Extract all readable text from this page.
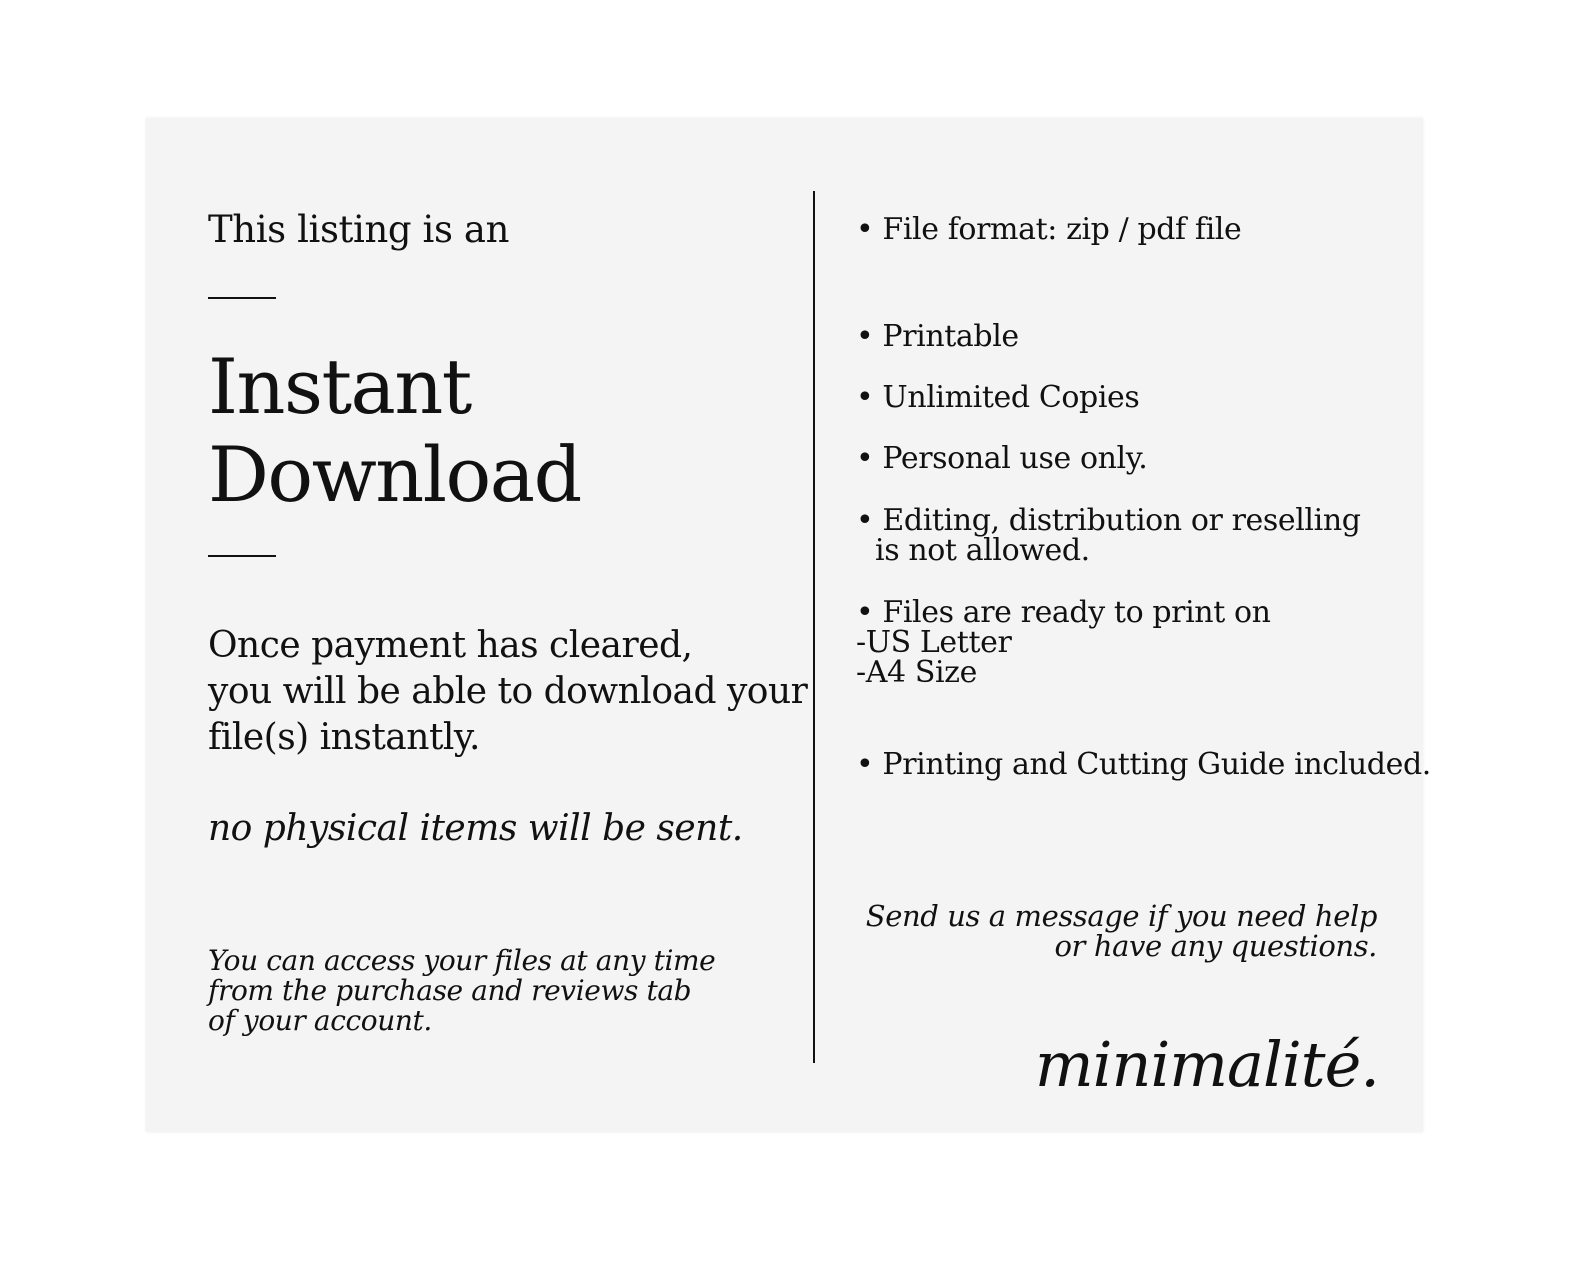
This listing is an

Instant
Download

Once payment has cleared,
you will be able to download your
file(s) instantly.

no physical items will be sent.

You can access your files at any time
from the purchase and reviews tab
of your account.

• File format: zip / pdf file

• Printable

• Unlimited Copies

• Personal use only.

• Editing, distribution or reselling
is not allowed.

• Files are ready to print on
-US Letter
-A4 Size

• Printing and Cutting Guide included.

Send us a message if you need help
or have any questions.

minimalité.
